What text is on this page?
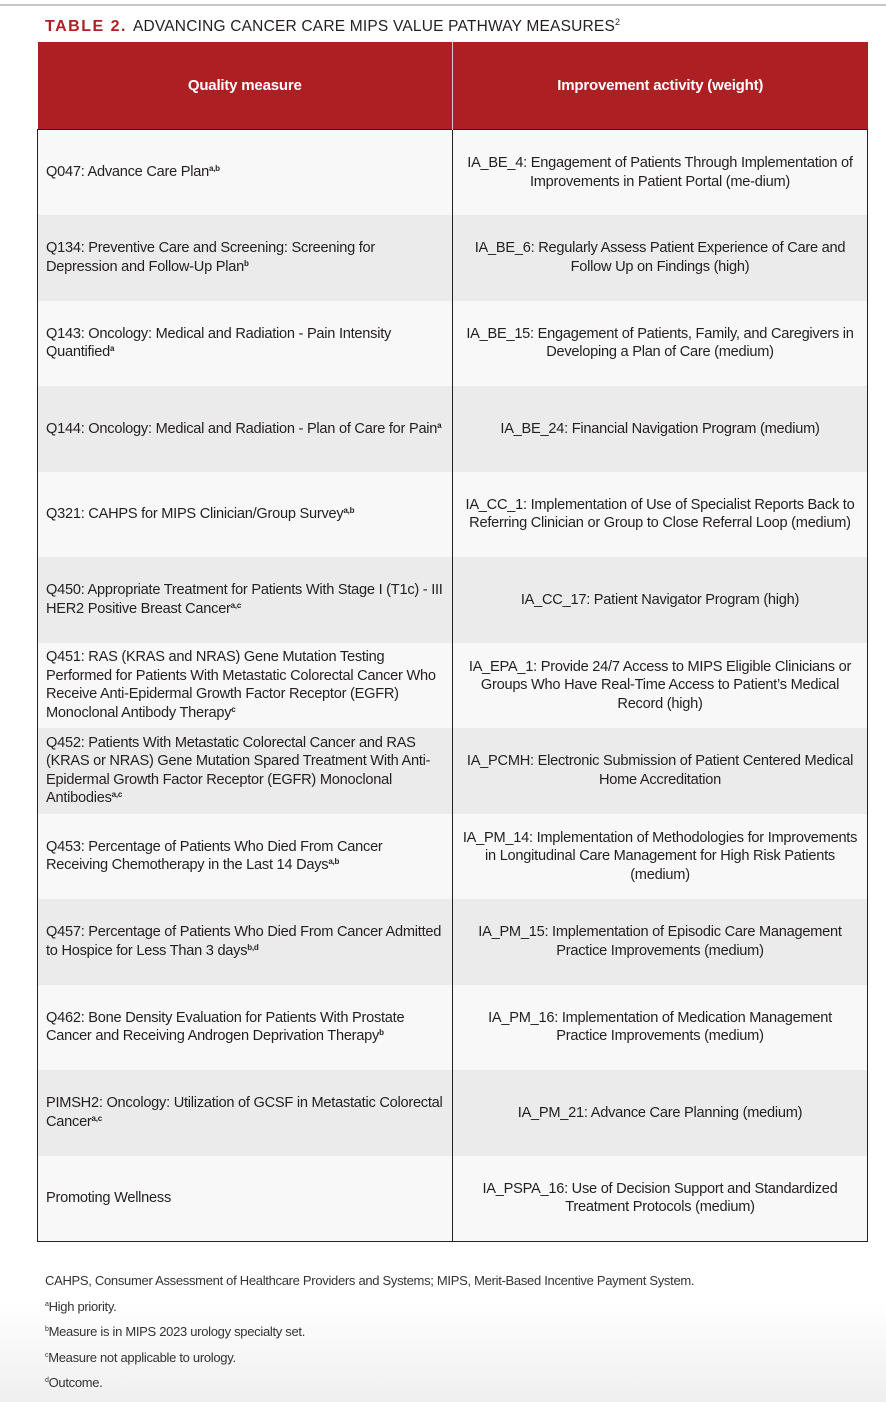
TABLE 2. ADVANCING CANCER CARE MIPS VALUE PATHWAY MEASURES$^2$
Quality measure	Improvement activity (weight)
Q047: Advance Care Plan$^{a,b}$	IA_BE_4: Engagement of Patients Through Implementation of Improvements in Patient Portal (me-dium)
Q134: Preventive Care and Screening: Screening for Depression and Follow-Up Plan$^b$	IA_BE_6: Regularly Assess Patient Experience of Care and Follow Up on Findings (high)
Q143: Oncology: Medical and Radiation - Pain Intensity Quantified$^a$	IA_BE_15: Engagement of Patients, Family, and Caregivers in Developing a Plan of Care (medium)
Q144: Oncology: Medical and Radiation - Plan of Care for Pain$^a$	IA_BE_24: Financial Navigation Program (medium)
Q321: CAHPS for MIPS Clinician/Group Survey$^{a,b}$	IA_CC_1: Implementation of Use of Specialist Reports Back to Referring Clinician or Group to Close Referral Loop (medium)
Q450: Appropriate Treatment for Patients With Stage I (T1c) - III HER2 Positive Breast Cancer$^{a,c}$	IA_CC_17: Patient Navigator Program (high)
Q451: RAS (KRAS and NRAS) Gene Mutation Testing Performed for Patients With Metastatic Colorectal Cancer Who Receive Anti-Epidermal Growth Factor Receptor (EGFR) Monoclonal Antibody Therapy$^c$	IA_EPA_1: Provide 24/7 Access to MIPS Eligible Clinicians or Groups Who Have Real-Time Access to Patient’s Medical Record (high)
Q452: Patients With Metastatic Colorectal Cancer and RAS (KRAS or NRAS) Gene Mutation Spared Treatment With Anti-Epidermal Growth Factor Receptor (EGFR) Monoclonal Antibodies$^{a,c}$	IA_PCMH: Electronic Submission of Patient Centered Medical Home Accreditation
Q453: Percentage of Patients Who Died From Cancer Receiving Chemotherapy in the Last 14 Days$^{a,b}$	IA_PM_14: Implementation of Methodologies for Improvements in Longitudinal Care Management for High Risk Patients (medium)
Q457: Percentage of Patients Who Died From Cancer Admitted to Hospice for Less Than 3 days$^{b,d}$	IA_PM_15: Implementation of Episodic Care Management Practice Improvements (medium)
Q462: Bone Density Evaluation for Patients With Prostate Cancer and Receiving Androgen Deprivation Therapy$^b$	IA_PM_16: Implementation of Medication Management Practice Improvements (medium)
PIMSH2: Oncology: Utilization of GCSF in Metastatic Colorectal Cancer$^{a,c}$	IA_PM_21: Advance Care Planning (medium)
Promoting Wellness	IA_PSPA_16: Use of Decision Support and Standardized Treatment Protocols (medium)
CAHPS, Consumer Assessment of Healthcare Providers and Systems; MIPS, Merit-Based Incentive Payment System.
$^a$High priority.
$^b$Measure is in MIPS 2023 urology specialty set.
$^c$Measure not applicable to urology.
$^d$Outcome.
